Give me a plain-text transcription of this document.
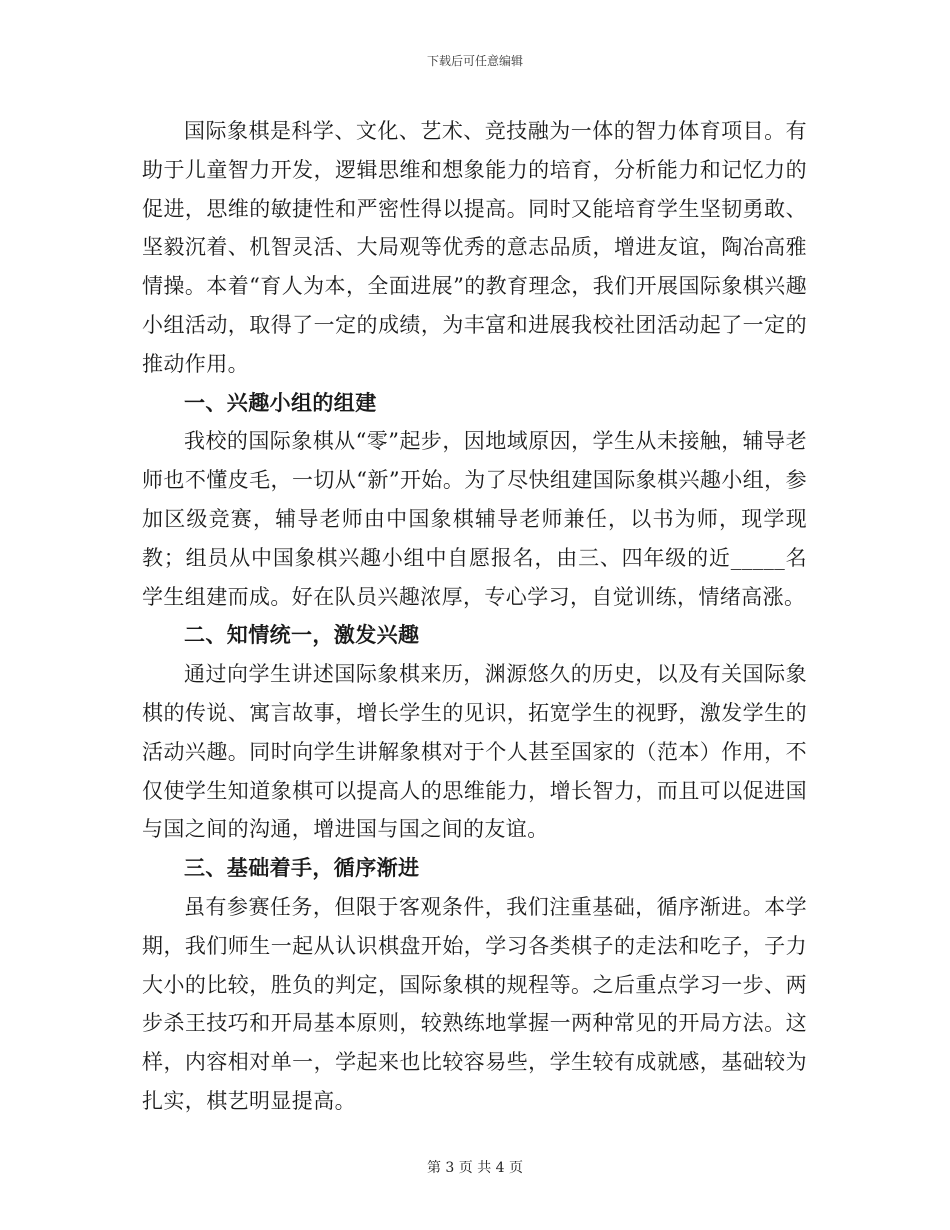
下载后可任意编辑

国际象棋是科学、文化、艺术、竞技融为一体的智力体育项目。有助于儿童智力开发，逻辑思维和想象能力的培育，分析能力和记忆力的促进，思维的敏捷性和严密性得以提高。同时又能培育学生坚韧勇敢、坚毅沉着、机智灵活、大局观等优秀的意志品质，增进友谊，陶冶高雅情操。本着“育人为本，全面进展”的教育理念，我们开展国际象棋兴趣小组活动，取得了一定的成绩，为丰富和进展我校社团活动起了一定的推动作用。

一、兴趣小组的组建

我校的国际象棋从“零”起步，因地域原因，学生从未接触，辅导老师也不懂皮毛，一切从“新”开始。为了尽快组建国际象棋兴趣小组，参加区级竞赛，辅导老师由中国象棋辅导老师兼任，以书为师，现学现教；组员从中国象棋兴趣小组中自愿报名，由三、四年级的近_____名学生组建而成。好在队员兴趣浓厚，专心学习，自觉训练，情绪高涨。

二、知情统一，激发兴趣

通过向学生讲述国际象棋来历，渊源悠久的历史，以及有关国际象棋的传说、寓言故事，增长学生的见识，拓宽学生的视野，激发学生的活动兴趣。同时向学生讲解象棋对于个人甚至国家的（范本）作用，不仅使学生知道象棋可以提高人的思维能力，增长智力，而且可以促进国与国之间的沟通，增进国与国之间的友谊。

三、基础着手，循序渐进

虽有参赛任务，但限于客观条件，我们注重基础，循序渐进。本学期，我们师生一起从认识棋盘开始，学习各类棋子的走法和吃子，子力大小的比较，胜负的判定，国际象棋的规程等。之后重点学习一步、两步杀王技巧和开局基本原则，较熟练地掌握一两种常见的开局方法。这样，内容相对单一，学起来也比较容易些，学生较有成就感，基础较为扎实，棋艺明显提高。

第 3 页 共 4 页
